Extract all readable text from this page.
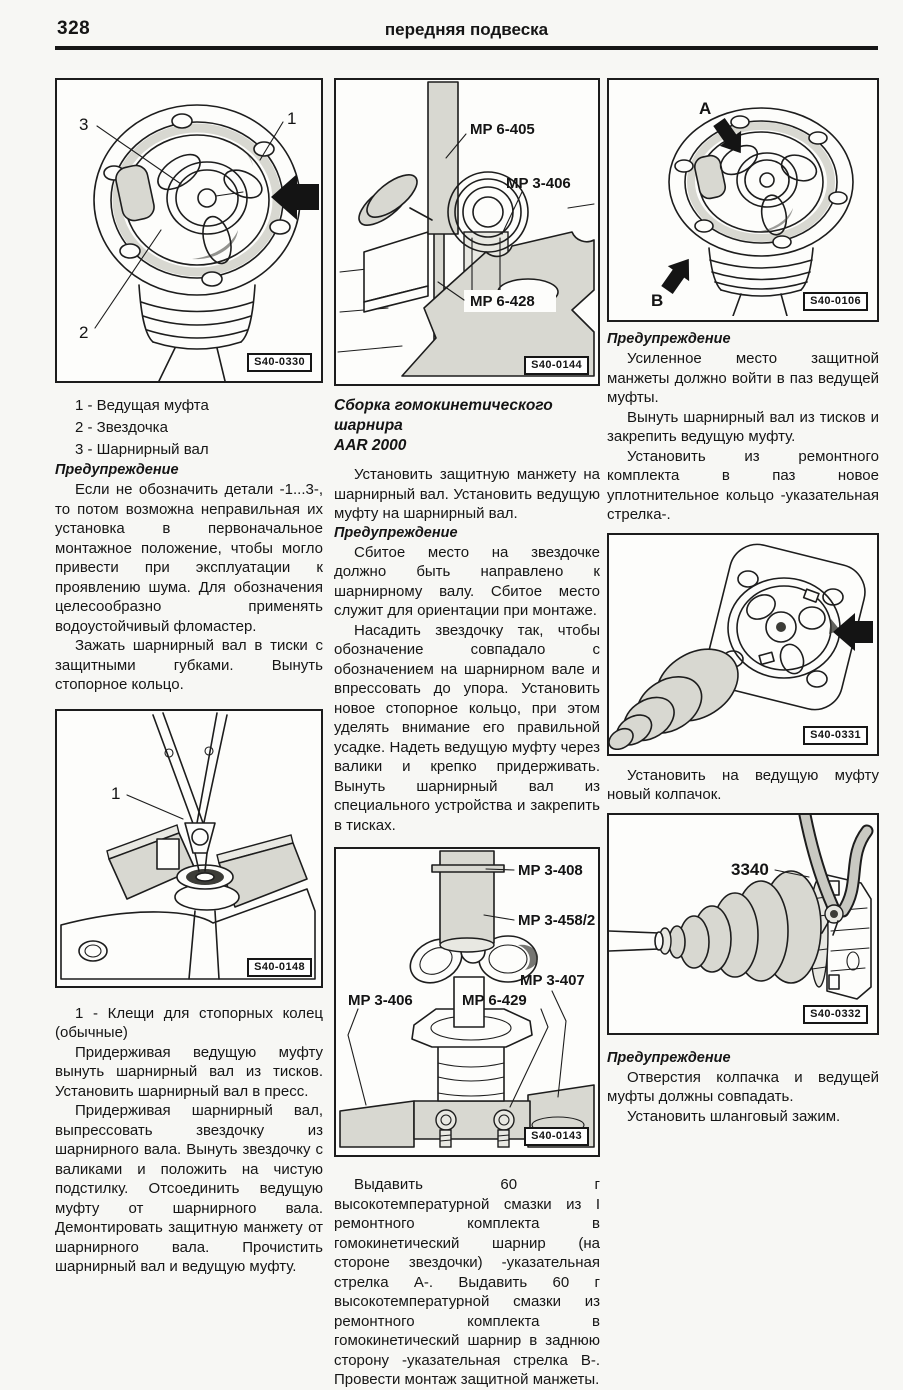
328	передняя подвеска
3	1
2
S40-0330
1 - Ведущая муфта
2 - Звездочка
3 - Шарнирный вал
Предупреждение

Если не обозначить детали -1...3-, то потом возможна неправильная их установка в первоначальное монтажное положение, чтобы могло привести при эксплуатации к проявлению шума. Для обозначения целесообразно применять водоустойчивый фломастер.

Зажать шарнирный вал в тиски с защитными губками. Вынуть стопорное кольцо.

1
S40-0148

1 - Клещи для стопорных колец (обычные)

Придерживая ведущую муфту вынуть шарнирный вал из тисков. Установить шарнирный вал в пресс.

Придерживая шарнирный вал, выпрессовать звездочку из шарнирного вала. Вынуть звездочку с валиками и положить на чистую подстилку. Отсоединить ведущую муфту от шарнирного вала. Демонтировать защитную манжету от шарнирного вала. Прочистить шарнирный вал и ведущую муфту.

MP 6-405
MP 3-406
MP 6-428
S40-0144
Сборка гомокинетического шарнира
AAR 2000

Установить защитную манжету на шарнирный вал. Установить ведущую муфту на шарнирный вал.

Предупреждение

Сбитое место на звездочке должно быть направлено к шарнирному валу. Сбитое место служит для ориентации при монтаже.

Насадить звездочку так, чтобы обозначение совпадало с обозначением на шарнирном вале и впрессовать до упора. Установить новое стопорное кольцо, при этом уделять внимание его правильной усадке. Надеть ведущую муфту через валики и крепко придерживать. Вынуть шарнирный вал из специального устройства и закрепить в тисках.

MP 3-408
MP 3-458/2
MP 3-407
MP 3-406	MP 6-429
S40-0143

Выдавить 60 г высокотемпературной смазки из I ремонтного комплекта в гомокинетический шарнир (на стороне звездочки) -указательная стрелка А-. Выдавить 60 г высокотемпературной смазки из ремонтного комплекта в гомокинетический шарнир в заднюю сторону -указательная стрелка В-. Провести монтаж защитной манжеты.

A
B	S40-0106
Предупреждение

Усиленное место защитной манжеты должно войти в паз ведущей муфты.

Вынуть шарнирный вал из тисков и закрепить ведущую муфту.

Установить из ремонтного комплекта в паз новое уплотнительное кольцо -указательная стрелка-.

S40-0331

Установить на ведущую муфту новый колпачок.

3340
S40-0332
Предупреждение

Отверстия колпачка и ведущей муфты должны совпадать.

Установить шланговый зажим.
